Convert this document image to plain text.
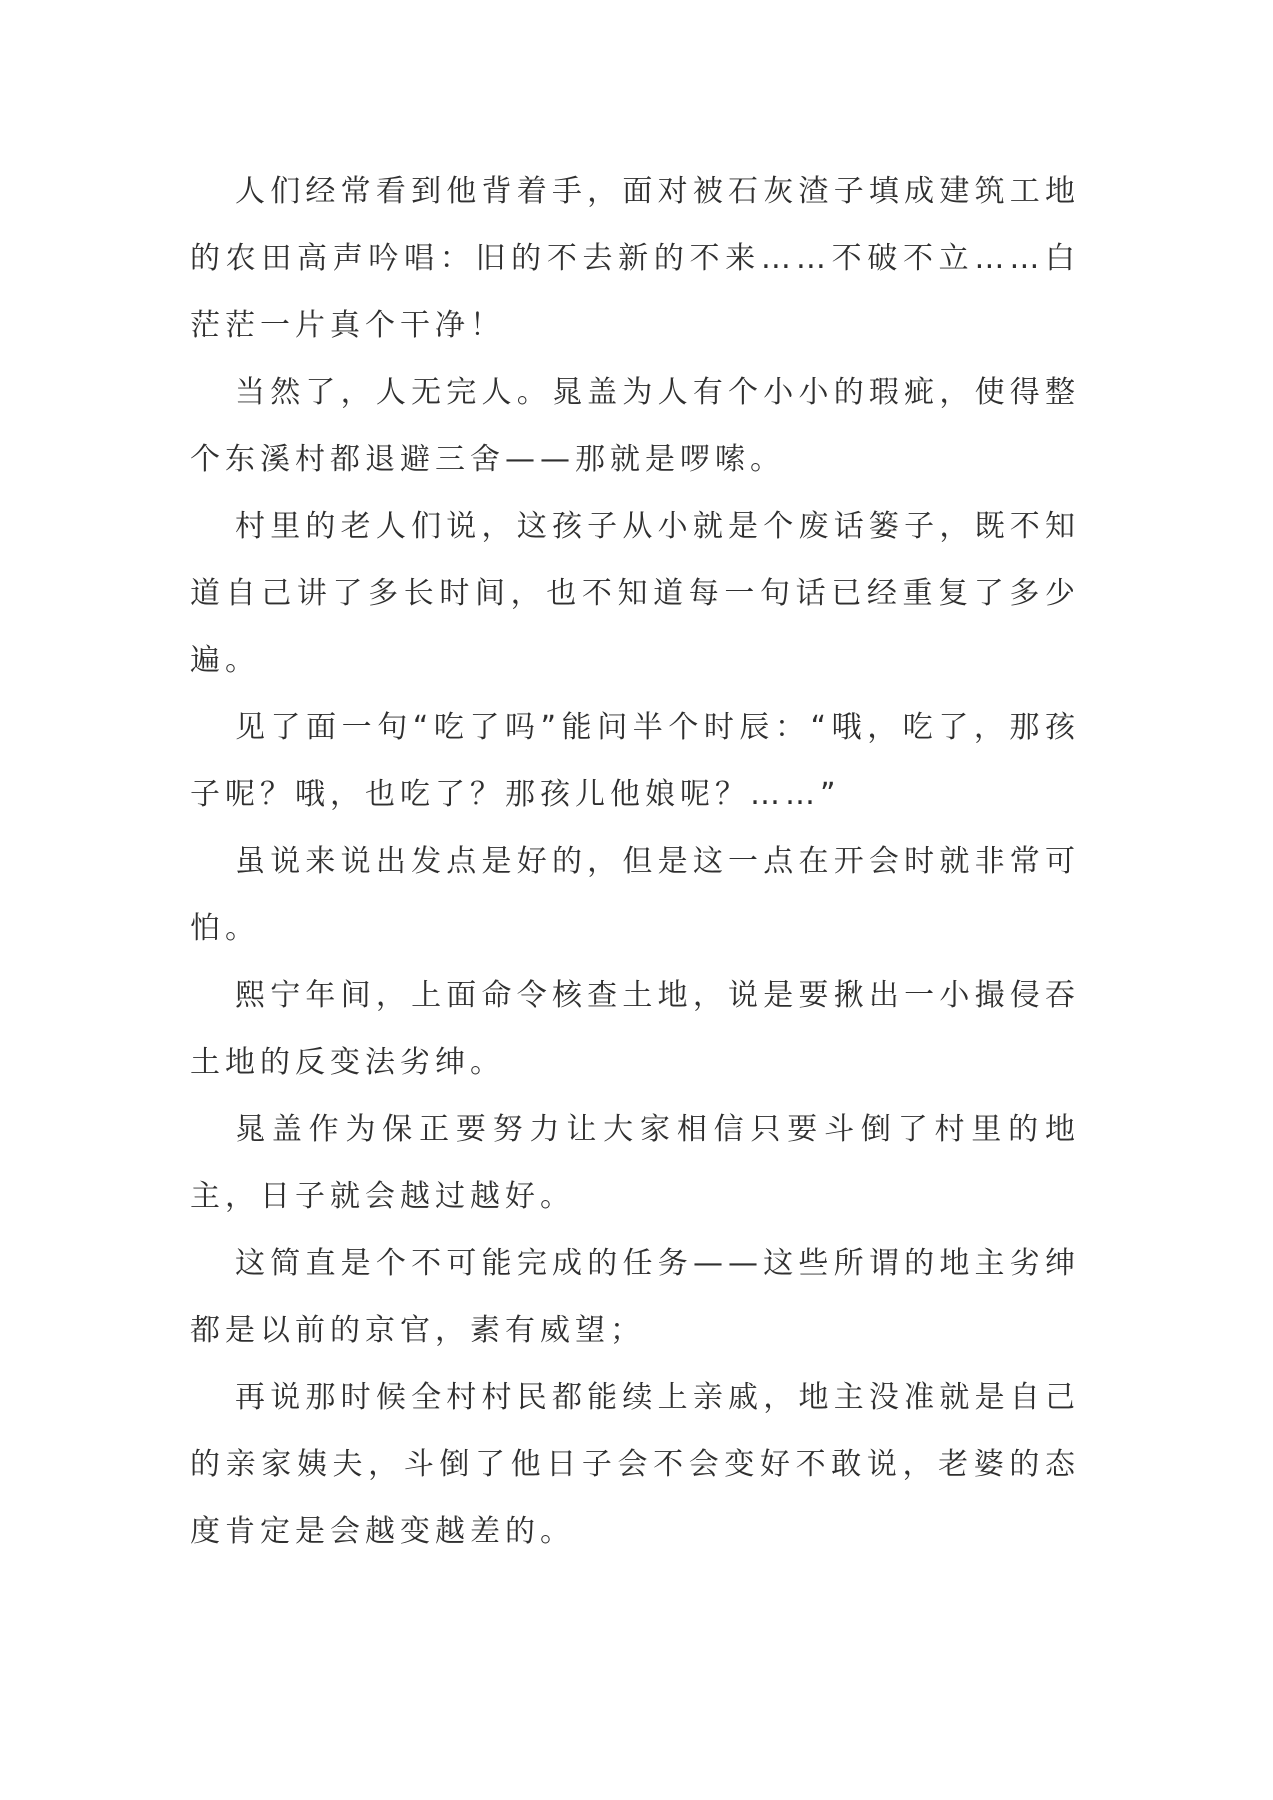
人们经常看到他背着手，面对被石灰渣子填成建筑工地的农田高声吟唱：旧的不去新的不来……不破不立……白茫茫一片真个干净！

当然了，人无完人。晁盖为人有个小小的瑕疵，使得整个东溪村都退避三舍——那就是啰嗦。

村里的老人们说，这孩子从小就是个废话篓子，既不知道自己讲了多长时间，也不知道每一句话已经重复了多少遍。

见了面一句“吃了吗”能问半个时辰：“哦，吃了，那孩子呢？哦，也吃了？那孩儿他娘呢？……”

虽说来说出发点是好的，但是这一点在开会时就非常可怕。

熙宁年间，上面命令核查土地，说是要揪出一小撮侵吞土地的反变法劣绅。

晁盖作为保正要努力让大家相信只要斗倒了村里的地主，日子就会越过越好。

这简直是个不可能完成的任务——这些所谓的地主劣绅都是以前的京官，素有威望；

再说那时候全村村民都能续上亲戚，地主没准就是自己的亲家姨夫，斗倒了他日子会不会变好不敢说，老婆的态度肯定是会越变越差的。
